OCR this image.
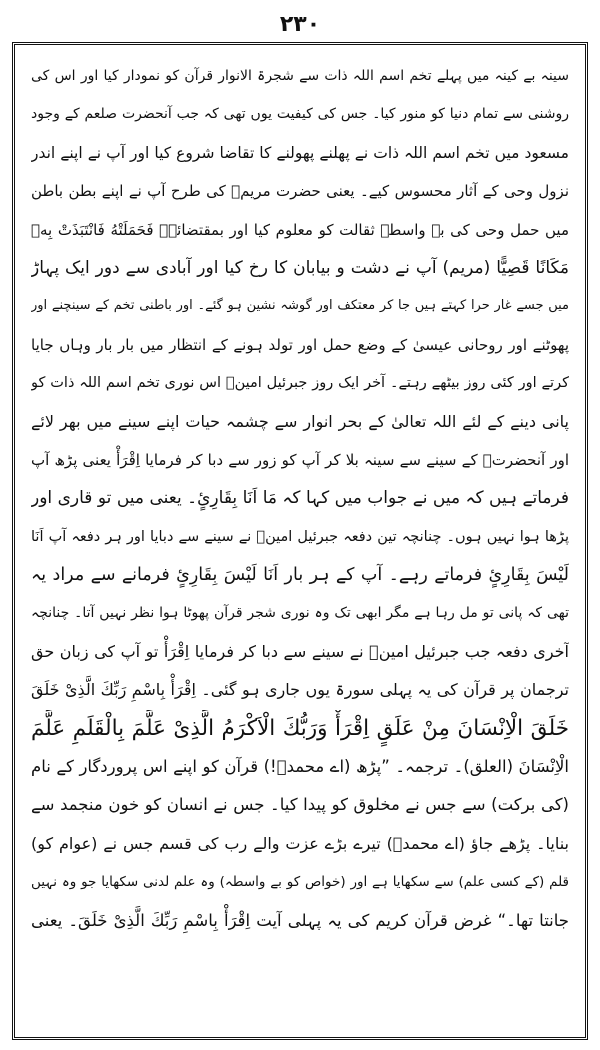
۲۳۰
سینہ بے کینہ میں پہلے تخم اسم اللہ ذات سے شجرۃ الانوار قرآن کو نمودار کیا اور اس کی
روشنی سے تمام دنیا کو منور کیا۔ جس کی کیفیت یوں تھی کہ جب آنحضرت صلعم کے وجود
مسعود میں تخم اسم اللہ ذات نے پھلنے پھولنے کا تقاضا شروع کیا اور آپ نے اپنے اندر
نزول وحی کے آثار محسوس کیے۔ یعنی حضرت مریمؑ کی طرح آپ نے اپنے بطن باطن
میں حمل وحی کی بے واسطہ ثقالت کو معلوم کیا اور بمقتضائے۔ فَحَمَلَتْهُ فَانْتَبَذَتْ بِهٖ
مَكَانًا قَصِيًّا (مریم) آپ نے دشت و بیابان کا رخ کیا اور آبادی سے دور ایک پہاڑ
میں جسے غار حرا کہتے ہیں جا کر معتکف اور گوشہ نشین ہو گئے۔ اور باطنی تخم کے سینچنے اور
پھوٹنے اور روحانی عیسیٰ کے وضع حمل اور تولد ہونے کے انتظار میں بار بار وہاں جایا
کرتے اور کئی روز بیٹھے رہتے۔ آخر ایک روز جبرئیل امینؑ اس نوری تخم اسم اللہ ذات کو
پانی دینے کے لئے اللہ تعالیٰ کے بحر انوار سے چشمہ حیات اپنے سینے میں بھر لائے
اور آنحضرتؐ کے سینے سے سینہ بلا کر آپ کو زور سے دبا کر فرمایا اِقْرَأْ یعنی پڑھ آپ
فرماتے ہیں کہ میں نے جواب میں کہا کہ مَا اَنَا بِقَارِیٍٔ۔ یعنی میں تو قاری اور
پڑھا ہوا نہیں ہوں۔ چنانچہ تین دفعہ جبرئیل امینؑ نے سینے سے دبایا اور ہر دفعہ آپ اَنَا
لَيْسَ بِقَارِیٍٔ فرماتے رہے۔ آپ کے ہر بار اَنَا لَيْسَ بِقَارِیٍٔ فرمانے سے مراد یہ
تھی کہ پانی تو مل رہا ہے مگر ابھی تک وہ نوری شجر قرآن پھوٹا ہوا نظر نہیں آتا۔ چنانچہ
آخری دفعہ جب جبرئیل امینؑ نے سینے سے دبا کر فرمایا اِقْرَأْ تو آپ کی زبان حق
ترجمان پر قرآن کی یہ پہلی سورۃ یوں جاری ہو گئی۔ اِقْرَأْ بِاسْمِ رَبِّكَ الَّذِیْ خَلَقَ
خَلَقَ الْاِنْسَانَ مِنْ عَلَقٍ اِقْرَأْ وَرَبُّكَ الْاَكْرَمُ الَّذِیْ عَلَّمَ بِالْقَلَمِ عَلَّمَ
الْاِنْسَانَ (العلق)۔ ترجمہ۔ ”پڑھ (اے محمدؐ!) قرآن کو اپنے اس پروردگار کے نام
(کی برکت) سے جس نے مخلوق کو پیدا کیا۔ جس نے انسان کو خون منجمد سے
بنایا۔ پڑھے جاؤ (اے محمدؐ) تیرے بڑے عزت والے رب کی قسم جس نے (عوام کو)
قلم (کے کسی علم) سے سکھایا ہے اور (خواص کو بے واسطہ) وہ علم لدنی سکھایا جو وہ نہیں
جانتا تھا۔“ غرض قرآن کریم کی یہ پہلی آیت اِقْرَأْ بِاسْمِ رَبِّكَ الَّذِیْ خَلَقَ۔ یعنی
